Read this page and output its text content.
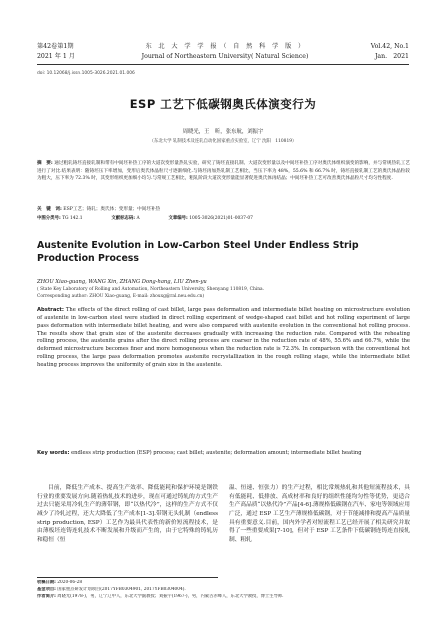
第42卷第1期
2021 年 1 月
东　北　大　学　学　报　（　自　然　科　学　版　）
Journal of Northeastern University( Natural Science)
Vol.42, No.1
Jan.　2021
doi: 10.12068/j.issn.1005-3026.2021.01.006
ESP 工艺下低碳钢奥氏体演变行为
周晓光，王　昕，张东航，刘振宇
（东北大学 轧制技术及连轧自动化国家重点实验室，辽宁 沈阳　110819）
摘　要: 通过粗轧铸坯直接轧制和带有中间坯补热工序的大道次变形量热轧实验，研究了铸坯直接轧制、大道次变形量以及中间坯补热工序对奥氏体组织演变的影响，并与常规热轧工艺进行了对比.结果表明：随铸坯压下率增加，变形后奥氏体晶粒尺寸逐渐细化.与铸坯再加热轧制工艺相比，当压下率为 48%，55.6% 和 66.7% 时，铸坯直接轧制工艺的奥氏体晶粒较为粗大，压下率为 72.3% 时，其变形组织更加细小均匀.与常规工艺相比，粗轧阶段大道次变形量能显著促进奥氏体再结晶；中间坯补热工艺可改善奥氏体晶粒尺寸均匀性程度.
关　键　词: ESP工艺；铸轧；奥氏体；变形量；中间坯补热
中图分类号: TG 142.1	文献标志码: A	文章编号: 1005-3026(2021)01-0037-07
Austenite Evolution in Low-Carbon Steel Under Endless Strip Production Process
ZHOU Xiao-guang, WANG Xin, ZHANG Dong-hang, LIU Zhen-yu
( State Key Laboratory of Rolling and Automation, Northeastern University, Shenyang 110819, China.
Corresponding author: ZHOU Xiao-guang, E-mail: zhouxg@ral.neu.edu.cn)
Abstract: The effects of the direct rolling of cast billet, large pass deformation and intermediate billet heating on microstructure evolution of austenite in low-carbon steel were studied in direct rolling experiment of wedge-shaped cast billet and hot rolling experiment of large pass deformation with intermediate billet heating, and were also compared with austenite evolution in the conventional hot rolling process. The results show that grain size of the austenite decreases gradually with increasing the reduction rate. Compared with the reheating rolling process, the austenite grains after the direct rolling process are coarser in the reduction rate of 48%, 55.6% and 66.7%, while the deformed microstructure becomes finer and more homogeneous when the reduction rate is 72.3%. In comparison with the conventional hot rolling process, the large pass deformation promotes austenite recrystallization in the rough rolling stage, while the intermediate billet heating process improves the uniformity of grain size in the austenite.
Key words: endless strip production (ESP) process; cast billet; austenite; deformation amount; intermediate billet heating
目前，降低生产成本、提高生产效率、降低能耗和保护环境是钢铁行业的重要发展方向.随着热轧技术的进步，现在可通过铸轧的方式生产过去只能采用冷轧生产的薄带钢，即“以热代冷”，这样的生产方式不仅减少了冷轧过程，还大大降低了生产成本[1-3].带钢无头轧制（endless strip production, ESP）工艺作为最具代表性的新价短流程技术，是由薄板坯连铸连轧技术不断发展和升级而产生的，由于它特殊的铸轧历和稳恒（恒
温、恒速、恒张力）的生产过程，相比常规热轧和其他短流程技术，具有低能耗、低排放、高成材率和良好的组织性能均匀性等优势，更适合生产高品质“以热代冷”产品[4-6].薄规格低碳钢在汽车、家电等领域应用广泛，通过 ESP 工艺生产薄规格低碳钢，对于节能减排和提高产品质量具有重要意义.目前，国内外学者对短流程工艺已经开展了相关研究并取得了一些重要成果[7-10]，但对于 ESP 工艺条件下低碳钢连铸连直接轧制、粗轧
收稿日期: 2020-06-28
基金项目: 国家重点研发计划项目(2017YFB0304901, 2017YFB0304004).
作者简介: 周晓光(1978-)，男，辽宁辽中人，东北大学副教授；刘振宇(1967-)，男，内蒙古赤峰人，东北大学教授，博士生导师.
